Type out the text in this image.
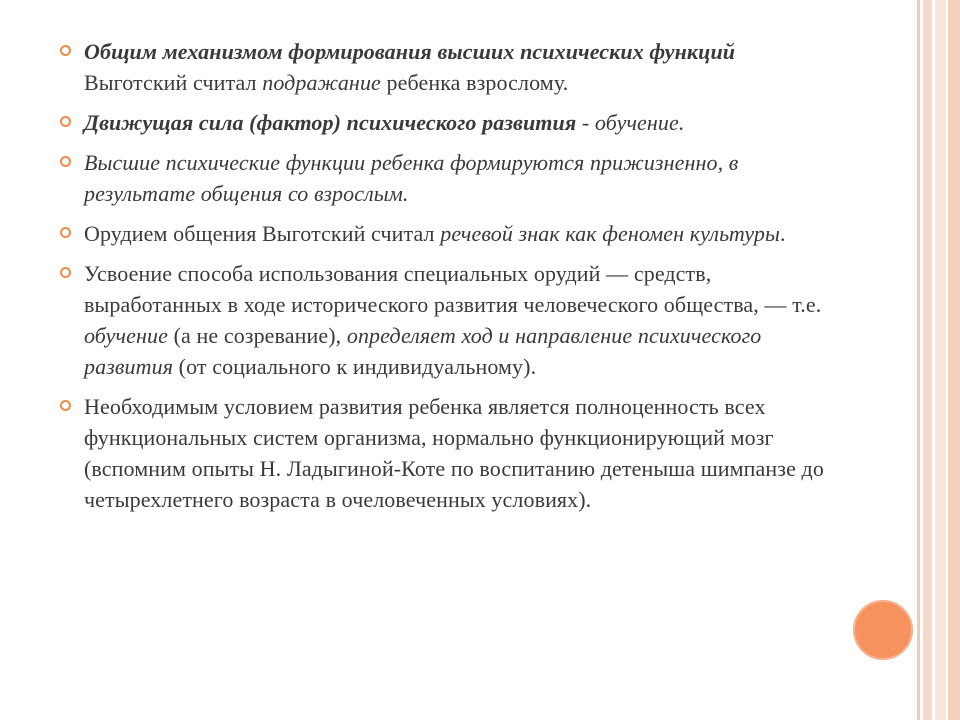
Общим механизмом формирования высших психических функций Выготский считал подражание ребенка взрослому.
Движущая сила (фактор) психического развития - обучение.
Высшие психические функции ребенка формируются прижизненно, в результате общения со взрослым.
Орудием общения Выготский считал речевой знак как феномен культуры.
Усвоение способа использования специальных орудий — средств, выработанных в ходе исторического развития человеческого общества, — т.е. обучение (а не созревание), определяет ход и направление психического развития (от социального к индивидуальному).
Необходимым условием развития ребенка является полноценность всех функциональных систем организма, нормально функционирующий мозг (вспомним опыты Н. Ладыгиной-Коте по воспитанию детеныша шимпанзе до четырехлетнего возраста в очеловеченных условиях).
